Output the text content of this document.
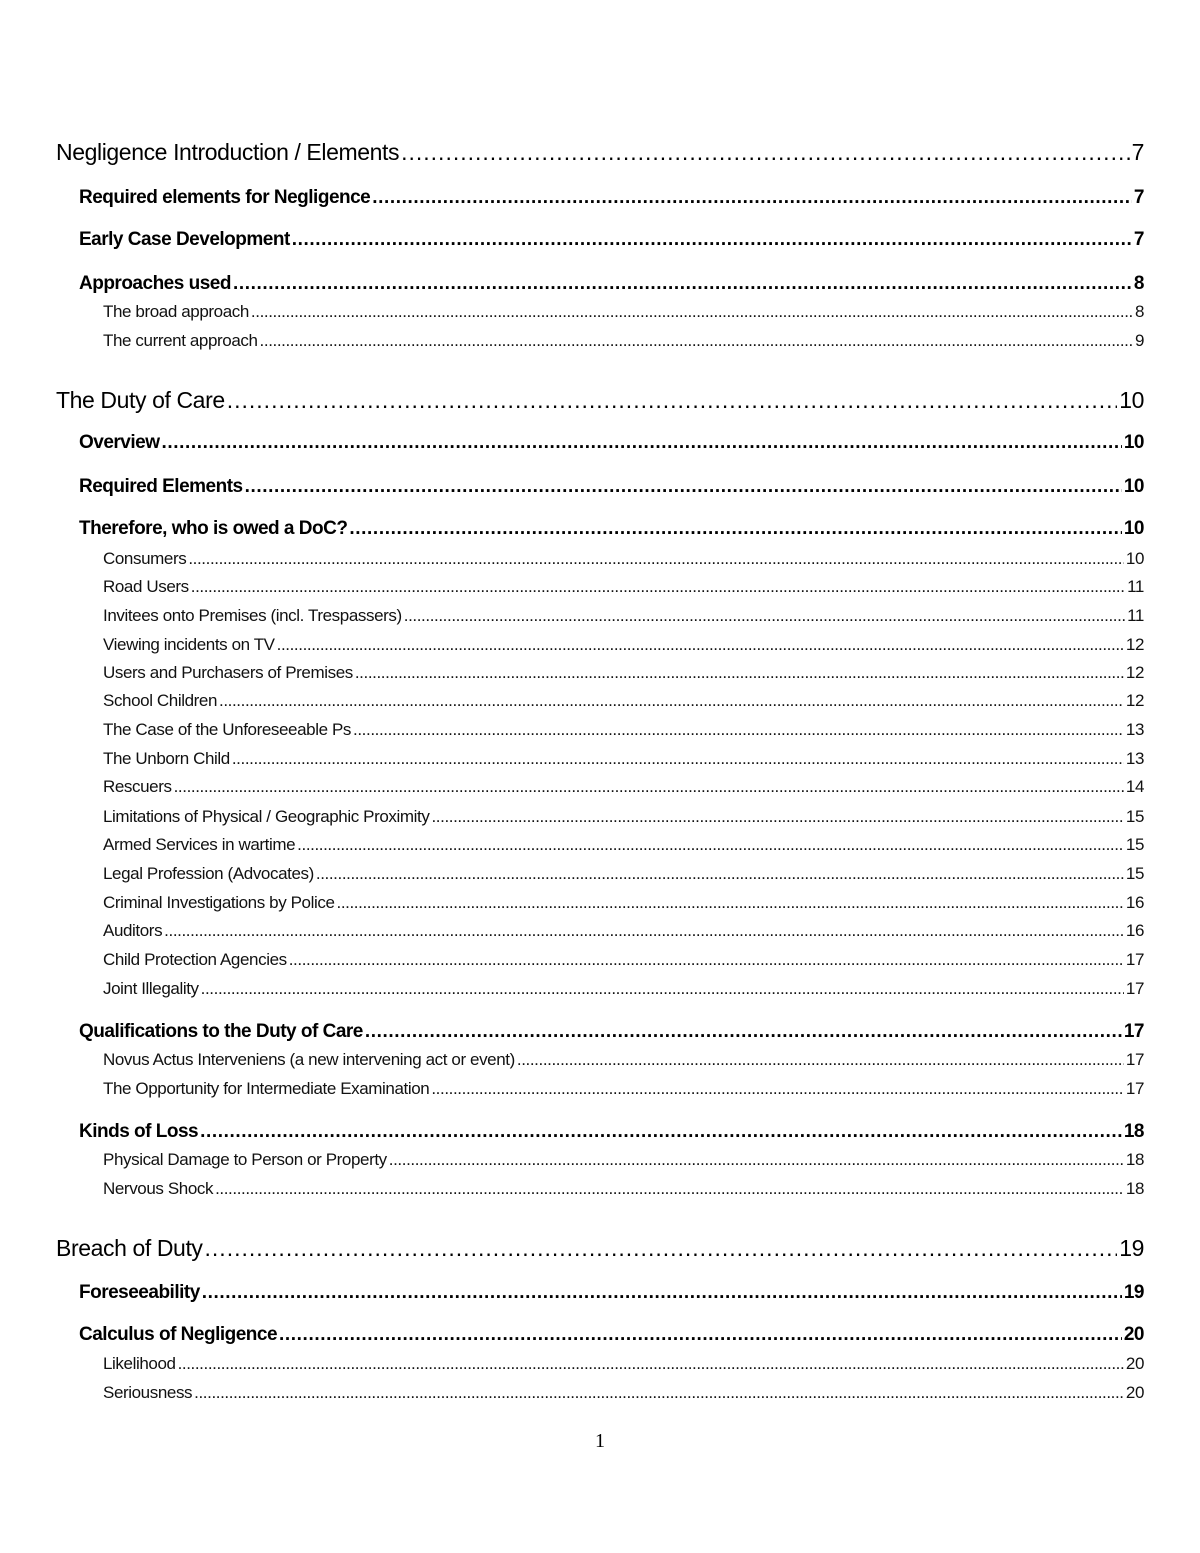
Negligence Introduction / Elements .....	7
Required elements for Negligence .....	7
Early Case Development .....	7
Approaches used .....	8
The broad approach .....	8
The current approach .....	9
The Duty of Care .....	10
Overview .....	10
Required Elements .....	10
Therefore, who is owed a DoC? .....	10
Consumers .....	10
Road Users .....	11
Invitees onto Premises (incl. Trespassers) .....	11
Viewing incidents on TV .....	12
Users and Purchasers of Premises .....	12
School Children .....	12
The Case of the Unforeseeable Ps .....	13
The Unborn Child .....	13
Rescuers .....	14
Limitations of Physical / Geographic Proximity .....	15
Armed Services in wartime .....	15
Legal Profession (Advocates) .....	15
Criminal Investigations by Police .....	16
Auditors .....	16
Child Protection Agencies .....	17
Joint Illegality .....	17
Qualifications to the Duty of Care .....	17
Novus Actus Interveniens (a new intervening act or event) .....	17
The Opportunity for Intermediate Examination .....	17
Kinds of Loss .....	18
Physical Damage to Person or Property .....	18
Nervous Shock .....	18
Breach of Duty .....	19
Foreseeability .....	19
Calculus of Negligence .....	20
Likelihood .....	20
Seriousness .....	20
1
